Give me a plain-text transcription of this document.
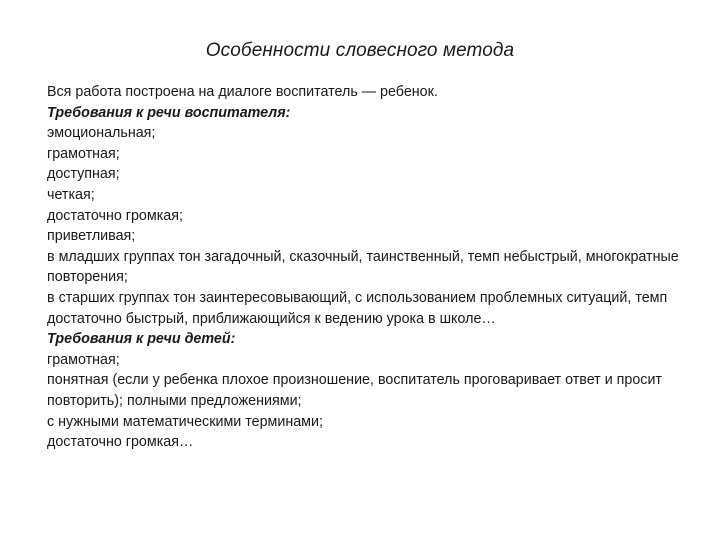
Особенности словесного метода

Вся работа построена на диалоге воспитатель — ребенок.

Требования к речи воспитателя:

эмоциональная;

грамотная;

доступная;

четкая;

достаточно громкая;

приветливая;

в младших группах тон загадочный, сказочный, таинственный, темп небыстрый, многократные повторения;

в старших группах тон заинтересовывающий, с использованием проблемных ситуаций, темп достаточно быстрый, приближающийся к ведению урока в школе…

Требования к речи детей:

грамотная;

понятная (если у ребенка плохое произношение, воспитатель проговаривает ответ и просит повторить); полными предложениями;

с нужными математическими терминами;

достаточно громкая…
